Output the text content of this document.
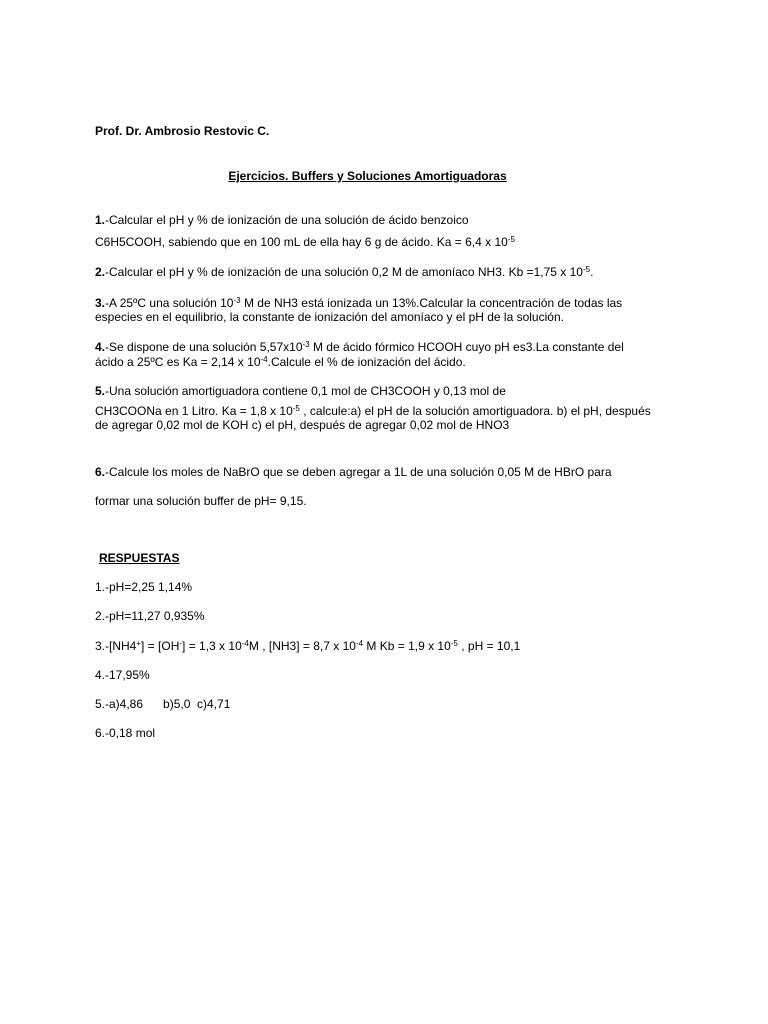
Prof. Dr. Ambrosio Restovic C.
Ejercicios. Buffers y Soluciones Amortiguadoras
1.-Calcular el pH y % de ionización de una solución de ácido benzoico
C6H5COOH, sabiendo que en 100 mL de ella hay 6 g de ácido. Ka = 6,4 x $10^{-5}$
2.-Calcular el pH y % de ionización de una solución 0,2 M de amoníaco NH3. Kb =1,75 x $10^{-5}$.
3.-A 25ºC una solución $10^{-3}$ M de NH3 está ionizada un 13%.Calcular la concentración de todas las
especies en el equilibrio, la constante de ionización del amoníaco y el pH de la solución.
4.-Se dispone de una solución $5,57x10^{-3}$ M de ácido fórmico HCOOH cuyo pH es3.La constante del
ácido a 25ºC es Ka = 2,14 x $10^{-4}.Calcule$ el % de ionización del ácido.
5.-Una solución amortiguadora contiene 0,1 mol de CH3COOH y 0,13 mol de
CH3COONa en 1 Litro. Ka = 1,8 x $10^{-5}$ , calcule:a) el pH de la solución amortiguadora. b) el pH, después
de agregar 0,02 mol de KOH c) el pH, después de agregar 0,02 mol de HNO3
6.-Calcule los moles de NaBrO que se deben agregar a 1L de una solución 0,05 M de HBrO para
formar una solución buffer de pH= 9,15.
RESPUESTAS
1.-pH=2,25 1,14%
2.-pH=11,27 0,935%
3.-[NH4+] = [OH-] = 1,3 x $10^{-4}M$ , [NH3] = 8,7 x $10^{-4}$ M Kb = 1,9 x $10^{-5}$ , pH = 10,1
4.-17,95%
5.-a)4,86      b)5,0  c)4,71
6.-0,18 mol
